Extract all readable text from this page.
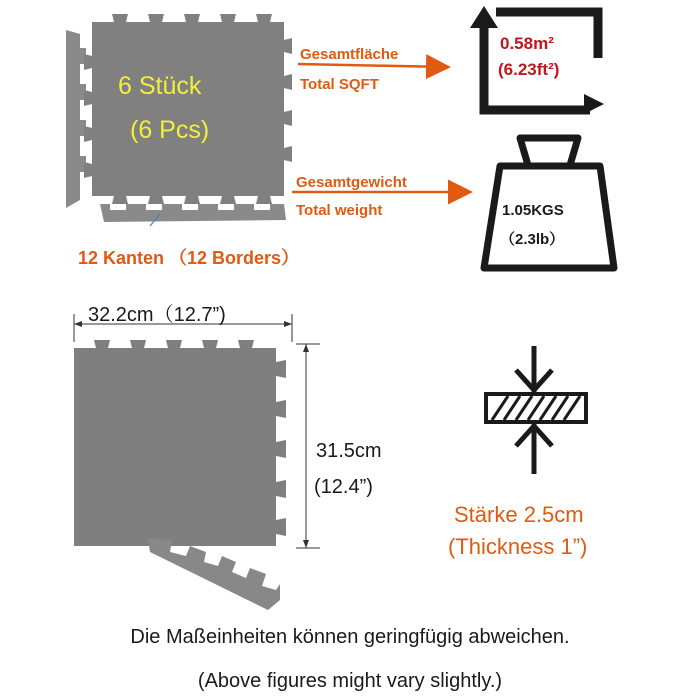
6 Stück
(6 Pcs)
12 Kanten （12 Borders）
Gesamtfläche
Total SQFT
0.58m²
(6.23ft²)
Gesamtgewicht
Total weight	1.05KGS
（2.3lb）
32.2cm（12.7”)
31.5cm
(12.4”)
Stärke 2.5cm
(Thickness 1”)
Die Maßeinheiten können geringfügig abweichen.
(Above figures might vary slightly.)
